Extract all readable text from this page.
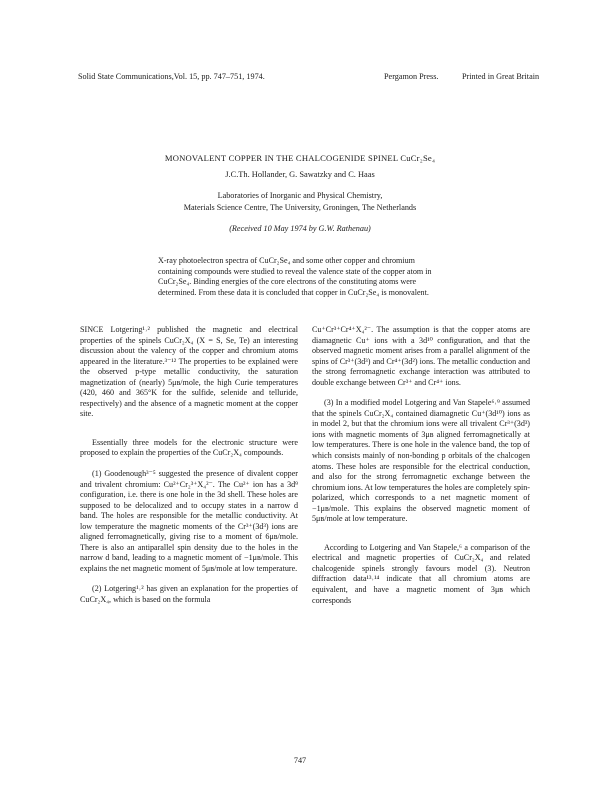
Solid State Communications,Vol. 15, pp. 747–751, 1974.	Pergamon Press.	Printed in Great Britain
MONOVALENT COPPER IN THE CHALCOGENIDE SPINEL CuCr₂Se₄
J.C.Th. Hollander, G. Sawatzky and C. Haas
Laboratories of Inorganic and Physical Chemistry,
Materials Science Centre, The University, Groningen, The Netherlands
(Received 10 May 1974 by G.W. Rathenau)

X-ray photoelectron spectra of CuCr₂Se₄ and some other copper and chromium containing compounds were studied to reveal the valence state of the copper atom in CuCr₂Se₄. Binding energies of the core electrons of the constituting atoms were determined. From these data it is concluded that copper in CuCr₂Se₄ is monovalent.

SINCE Lotgering¹˒² published the magnetic and electrical properties of the spinels CuCr₂X₄ (X = S, Se, Te) an interesting discussion about the valency of the copper and chromium atoms appeared in the literature.³⁻¹² The properties to be explained were the observed p-type metallic conductivity, the saturation magnetization of (nearly) 5μʙ/mole, the high Curie temperatures (420, 460 and 365°K for the sulfide, selenide and telluride, respectively) and the absence of a magnetic moment at the copper site.

Essentially three models for the electronic structure were proposed to explain the properties of the CuCr₂X₄ compounds.

(1) Goodenough³⁻⁵ suggested the presence of divalent copper and trivalent chromium: Cu²⁺Cr₂³⁺X₄²⁻. The Cu²⁺ ion has a 3d⁹ configuration, i.e. there is one hole in the 3d shell. These holes are supposed to be delocalized and to occupy states in a narrow d band. The holes are responsible for the metallic conductivity. At low temperature the magnetic moments of the Cr³⁺(3d³) ions are aligned ferromagnetically, giving rise to a moment of 6μʙ/mole. There is also an antiparallel spin density due to the holes in the narrow d band, leading to a magnetic moment of −1μʙ/mole. This explains the net magnetic moment of 5μʙ/mole at low temperature.

(2) Lotgering¹˒² has given an explanation for the properties of CuCr₂X₄, which is based on the formula

Cu⁺Cr³⁺Cr⁴⁺X₄²⁻. The assumption is that the copper atoms are diamagnetic Cu⁺ ions with a 3d¹⁰ configuration, and that the observed magnetic moment arises from a parallel alignment of the spins of Cr³⁺(3d³) and Cr⁴⁺(3d²) ions. The metallic conduction and the strong ferromagnetic exchange interaction was attributed to double exchange between Cr³⁺ and Cr⁴⁺ ions.

(3) In a modified model Lotgering and Van Stapele⁶˒⁹ assumed that the spinels CuCr₂X₄ contained diamagnetic Cu⁺(3d¹⁰) ions as in model 2, but that the chromium ions were all trivalent Cr³⁺(3d³) ions with magnetic moments of 3μʙ aligned ferromagnetically at low temperatures. There is one hole in the valence band, the top of which consists mainly of non-bonding p orbitals of the chalcogen atoms. These holes are responsible for the electrical conduction, and also for the strong ferromagnetic exchange between the chromium ions. At low temperatures the holes are completely spin-polarized, which corresponds to a net magnetic moment of −1μʙ/mole. This explains the observed magnetic moment of 5μʙ/mole at low temperature.

According to Lotgering and Van Stapele,⁶ a comparison of the electrical and magnetic properties of CuCr₂X₄ and related chalcogenide spinels strongly favours model (3). Neutron diffraction data¹³˒¹⁴ indicate that all chromium atoms are equivalent, and have a magnetic moment of 3μʙ which corresponds

747
